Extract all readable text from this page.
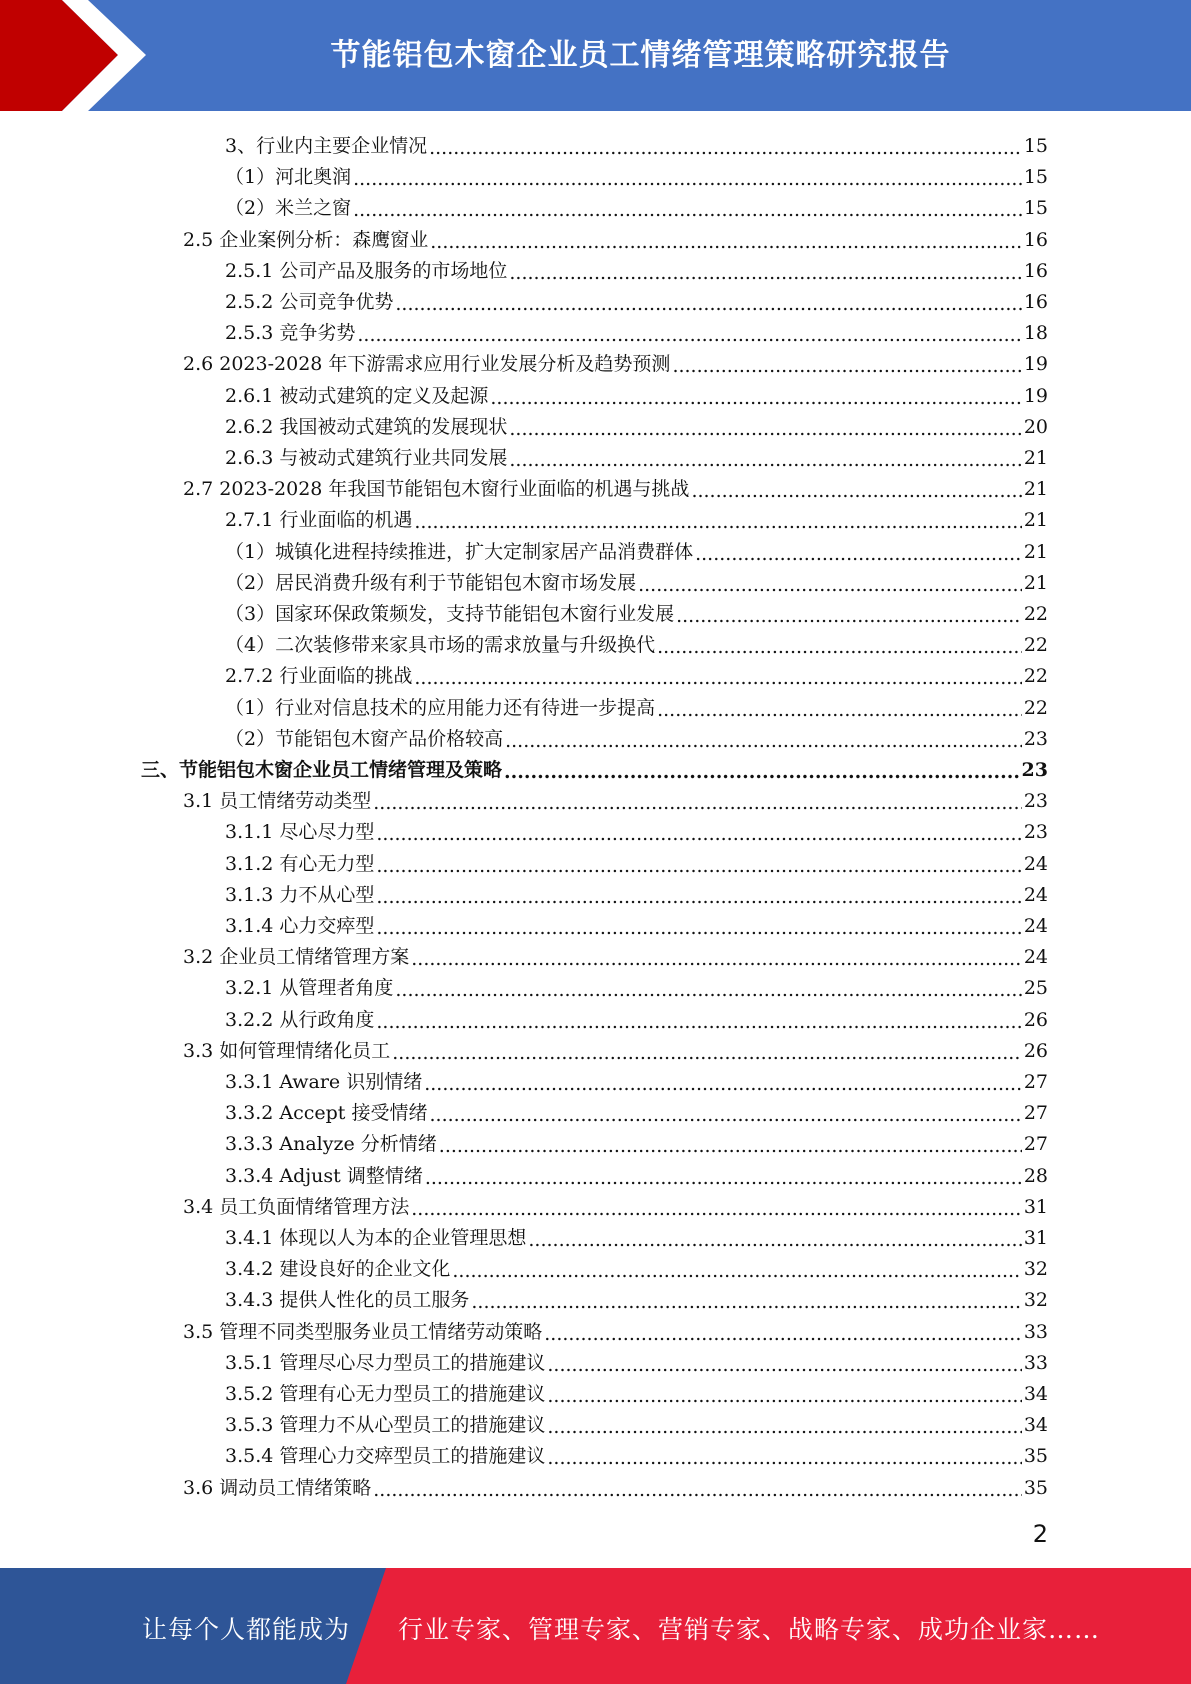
节能铝包木窗企业员工情绪管理策略研究报告
3、行业内主要企业情况 .....	15
（1）河北奥润 .....	15
（2）米兰之窗 .....	15
2.5 企业案例分析：森鹰窗业 .....	16
2.5.1 公司产品及服务的市场地位 .....	16
2.5.2 公司竞争优势 .....	16
2.5.3 竞争劣势 .....	18
2.6 2023-2028 年下游需求应用行业发展分析及趋势预测 .....	19
2.6.1 被动式建筑的定义及起源 .....	19
2.6.2 我国被动式建筑的发展现状 .....	20
2.6.3 与被动式建筑行业共同发展 .....	21
2.7 2023-2028 年我国节能铝包木窗行业面临的机遇与挑战 .....	21
2.7.1 行业面临的机遇 .....	21
（1）城镇化进程持续推进，扩大定制家居产品消费群体 .....	21
（2）居民消费升级有利于节能铝包木窗市场发展 .....	21
（3）国家环保政策频发，支持节能铝包木窗行业发展 .....	22
（4）二次装修带来家具市场的需求放量与升级换代 .....	22
2.7.2 行业面临的挑战 .....	22
（1）行业对信息技术的应用能力还有待进一步提高 .....	22
（2）节能铝包木窗产品价格较高 .....	23
三、节能铝包木窗企业员工情绪管理及策略 .....	23
3.1 员工情绪劳动类型 .....	23
3.1.1 尽心尽力型 .....	23
3.1.2 有心无力型 .....	24
3.1.3 力不从心型 .....	24
3.1.4 心力交瘁型 .....	24
3.2 企业员工情绪管理方案 .....	24
3.2.1 从管理者角度 .....	25
3.2.2 从行政角度 .....	26
3.3 如何管理情绪化员工 .....	26
3.3.1 Aware 识别情绪 .....	27
3.3.2 Accept 接受情绪 .....	27
3.3.3 Analyze 分析情绪 .....	27
3.3.4 Adjust 调整情绪 .....	28
3.4 员工负面情绪管理方法 .....	31
3.4.1 体现以人为本的企业管理思想 .....	31
3.4.2 建设良好的企业文化 .....	32
3.4.3 提供人性化的员工服务 .....	32
3.5 管理不同类型服务业员工情绪劳动策略 .....	33
3.5.1 管理尽心尽力型员工的措施建议 .....	33
3.5.2 管理有心无力型员工的措施建议 .....	34
3.5.3 管理力不从心型员工的措施建议 .....	34
3.5.4 管理心力交瘁型员工的措施建议 .....	35
3.6 调动员工情绪策略 .....	35
2
让每个人都能成为 行业专家、管理专家、营销专家、战略专家、成功企业家……
